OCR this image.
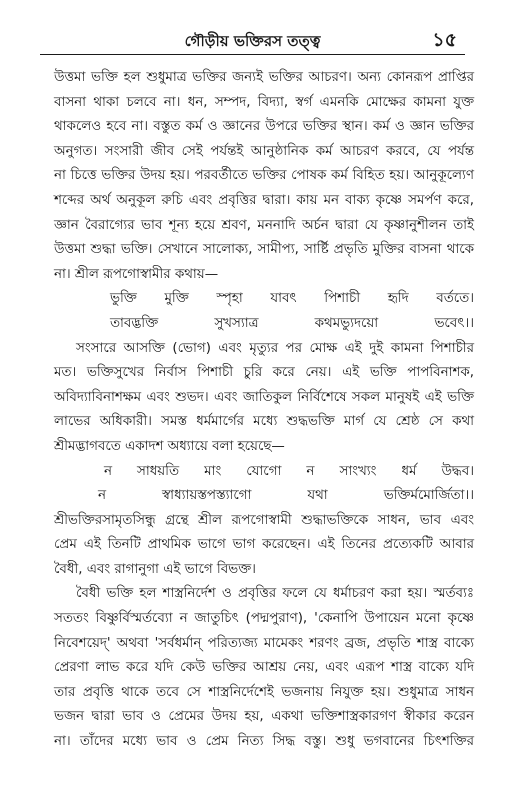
গৌড়ীয় ভক্তিরস তত্ত্ব	১৫

উত্তমা ভক্তি হল শুধুমাত্র ভক্তির জন্যই ভক্তির আচরণ। অন্য কোনরূপ প্রাপ্তির

বাসনা থাকা চলবে না। ধন, সম্পদ, বিদ্যা, স্বর্গ এমনকি মোক্ষের কামনা যুক্ত

থাকলেও হবে না। বস্তুত কর্ম ও জ্ঞানের উপরে ভক্তির স্থান। কর্ম ও জ্ঞান ভক্তির

অনুগত। সংসারী জীব সেই পর্যন্তই আনুষ্ঠানিক কর্ম আচরণ করবে, যে পর্যন্ত

না চিত্তে ভক্তির উদয় হয়। পরবর্তীতে ভক্তির পোষক কর্ম বিহিত হয়। আনুকূল্যেণ

শব্দের অর্থ অনুকূল রুচি এবং প্রবৃত্তির দ্বারা। কায় মন বাক্য কৃষ্ণে সমর্পণ করে,

জ্ঞান বৈরাগ্যের ভাব শূন্য হয়ে শ্রবণ, মননাদি অর্চন দ্বারা যে কৃষ্ণানুশীলন তাই

উত্তমা শুদ্ধা ভক্তি। সেখানে সালোক্য, সামীপ্য, সার্ষ্টি প্রভৃতি মুক্তির বাসনা থাকে

না। শ্রীল রূপগোস্বামীর কথায়—

ভুক্তি মুক্তি স্পৃহা যাবৎ পিশাচী হৃদি বর্ততে।

তাবদ্ভক্তি সুখস্যাত্র কথমভ্যুদয়ো ভবেৎ।।

সংসারে আসক্তি (ভোগ) এবং মৃত্যুর পর মোক্ষ এই দুই কামনা পিশাচীর

মত। ভক্তিসুখের নির্বাস পিশাচী চুরি করে নেয়। এই ভক্তি পাপবিনাশক,

অবিদ্যাবিনাশক্ষম এবং শুভদ। এবং জাতিকুল নির্বিশেষে সকল মানুষই এই ভক্তি

লাভের অধিকারী। সমস্ত ধর্মমার্গের মধ্যে শুদ্ধভক্তি মার্গ যে শ্রেষ্ঠ সে কথা

শ্রীমদ্ভাগবতে একাদশ অধ্যায়ে বলা হয়েছে—

ন সাধয়তি মাং যোগো ন সাংখ্যং ধর্ম উদ্ধব।

ন স্বাধ্যায়স্তপস্ত্যাগো যথা ভক্তির্মমোর্জিতা।।

শ্রীভক্তিরসামৃতসিন্ধু গ্রন্থে শ্রীল রূপগোস্বামী শুদ্ধাভক্তিকে সাধন, ভাব এবং

প্রেম এই তিনটি প্রাথমিক ভাগে ভাগ করেছেন। এই তিনের প্রত্যেকটি আবার

বৈধী, এবং রাগানুগা এই ভাগে বিভক্ত।

বৈধী ভক্তি হল শাস্ত্রনির্দেশ ও প্রবৃত্তির ফলে যে ধর্মাচরণ করা হয়। স্মর্তব্যঃ

সততং বিষ্ণুর্বিস্মর্তব্যো ন জাতুচিৎ (পদ্মপুরাণ), 'কেনাপি উপায়েন মনো কৃষ্ণে

নিবেশয়েদ্' অথবা 'সর্বধর্মান্ পরিত্যজ্য মামেকং শরণং ব্রজ, প্রভৃতি শাস্ত্র বাক্যে

প্রেরণা লাভ করে যদি কেউ ভক্তির আশ্রয় নেয়, এবং এরূপ শাস্ত্র বাক্যে যদি

তার প্রবৃত্তি থাকে তবে সে শাস্ত্রনির্দেশেই ভজনায় নিযুক্ত হয়। শুধুমাত্র সাধন

ভজন দ্বারা ভাব ও প্রেমের উদয় হয়, একথা ভক্তিশাস্ত্রকারগণ স্বীকার করেন

না। তাঁদের মধ্যে ভাব ও প্রেম নিত্য সিদ্ধ বস্তু। শুধু ভগবানের চিৎশক্তির
